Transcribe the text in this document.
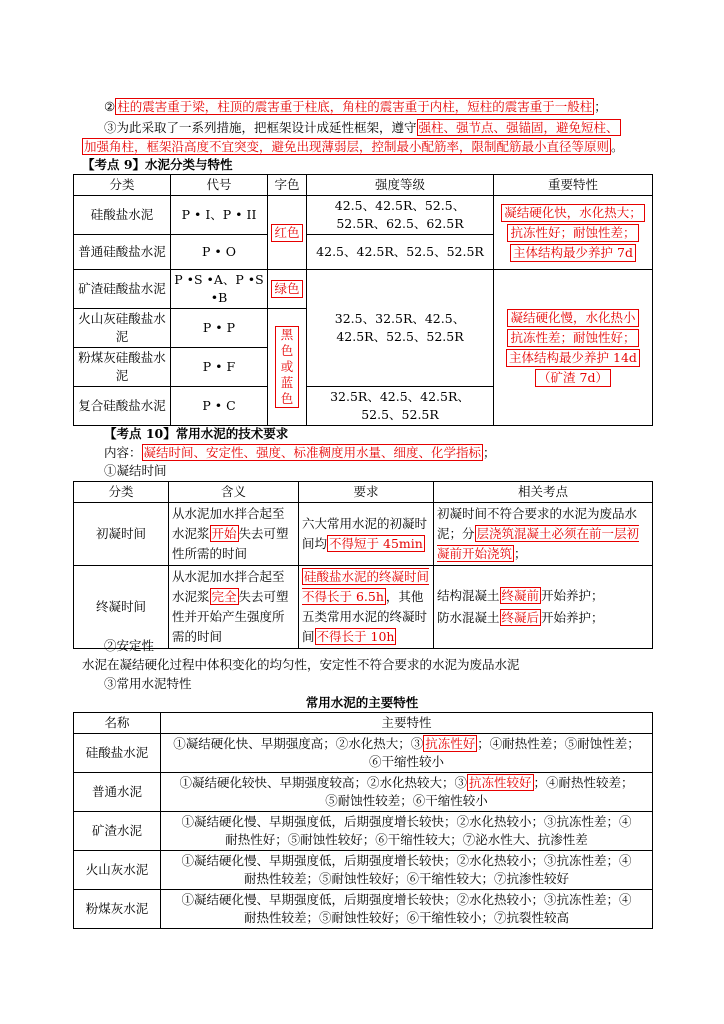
② 柱的震害重于梁，柱顶的震害重于柱底，角柱的震害重于内柱，短柱的震害重于一般柱 ；
③为此采取了一系列措施，把框架设计成延性框架，遵守 强柱、强节点、强锚固，避免短柱、
加强角柱，框架沿高度不宜突变，避免出现薄弱层，控制最小配筋率，限制配筋最小直径等原则 。
【考点 9】水泥分类与特性
分类	代号	字色	强度等级	重要特性
硅酸盐水泥	P • I、P • II	红色	42.5、42.5R、52.5、52.5R、62.5、62.5R	凝结硬化快，水化热大；
抗冻性好；耐蚀性差；
主体结构最少养护 7d
普通硅酸盐水泥	P • O		42.5、42.5R、52.5、52.5R	
矿渣硅酸盐水泥	P •S •A、P •S •B	绿色	32.5、32.5R、42.5、42.5R、52.5、52.5R	凝结硬化慢，水化热小
抗冻性差；耐蚀性好；
主体结构最少养护 14d
（矿渣 7d）
火山灰硅酸盐水泥	P • P	黑色或蓝色		
粉煤灰硅酸盐水泥	P • F			
复合硅酸盐水泥	P • C		32.5R、42.5、42.5R、52.5、52.5R	
【考点 10】常用水泥的技术要求
内容： 凝结时间、安定性、强度、标准稠度用水量、细度、化学指标 ；
①凝结时间
分类	含义	要求	相关考点
初凝时间	从水泥加水拌合起至水泥浆 开始 失去可塑性所需的时间	六大常用水泥的初凝时间均 不得短于 45min	初凝时间不符合要求的水泥为废品水泥；分 层浇筑混凝土必须在前一层初凝前开始浇筑 ；
终凝时间	从水泥加水拌合起至水泥浆 完全 失去可塑性并开始产生强度所需的时间	硅酸盐水泥的终凝时间不得长于 6.5h ，其他五类常用水泥的终凝时间 不得长于 10h	结构混凝土 终凝前 开始养护；
防水混凝土 终凝后 开始养护；
②安定性
水泥在凝结硬化过程中体积变化的均匀性，安定性不符合要求的水泥为废品水泥
③常用水泥特性
常用水泥的主要特性
名称	主要特性
硅酸盐水泥	①凝结硬化快、早期强度高；②水化热大；③ 抗冻性好 ；④耐热性差；⑤耐蚀性差；
⑥干缩性较小
普通水泥	①凝结硬化较快、早期强度较高；②水化热较大；③ 抗冻性较好 ；④耐热性较差；
⑤耐蚀性较差；⑥干缩性较小
矿渣水泥	①凝结硬化慢、早期强度低，后期强度增长较快；②水化热较小；③抗冻性差；④
耐热性好；⑤耐蚀性较好；⑥干缩性较大；⑦泌水性大、抗渗性差
火山灰水泥	①凝结硬化慢、早期强度低，后期强度增长较快；②水化热较小；③抗冻性差；④
耐热性较差；⑤耐蚀性较好；⑥干缩性较大；⑦抗渗性较好
粉煤灰水泥	①凝结硬化慢、早期强度低，后期强度增长较快；②水化热较小；③抗冻性差；④
耐热性较差；⑤耐蚀性较好；⑥干缩性较小；⑦抗裂性较高
